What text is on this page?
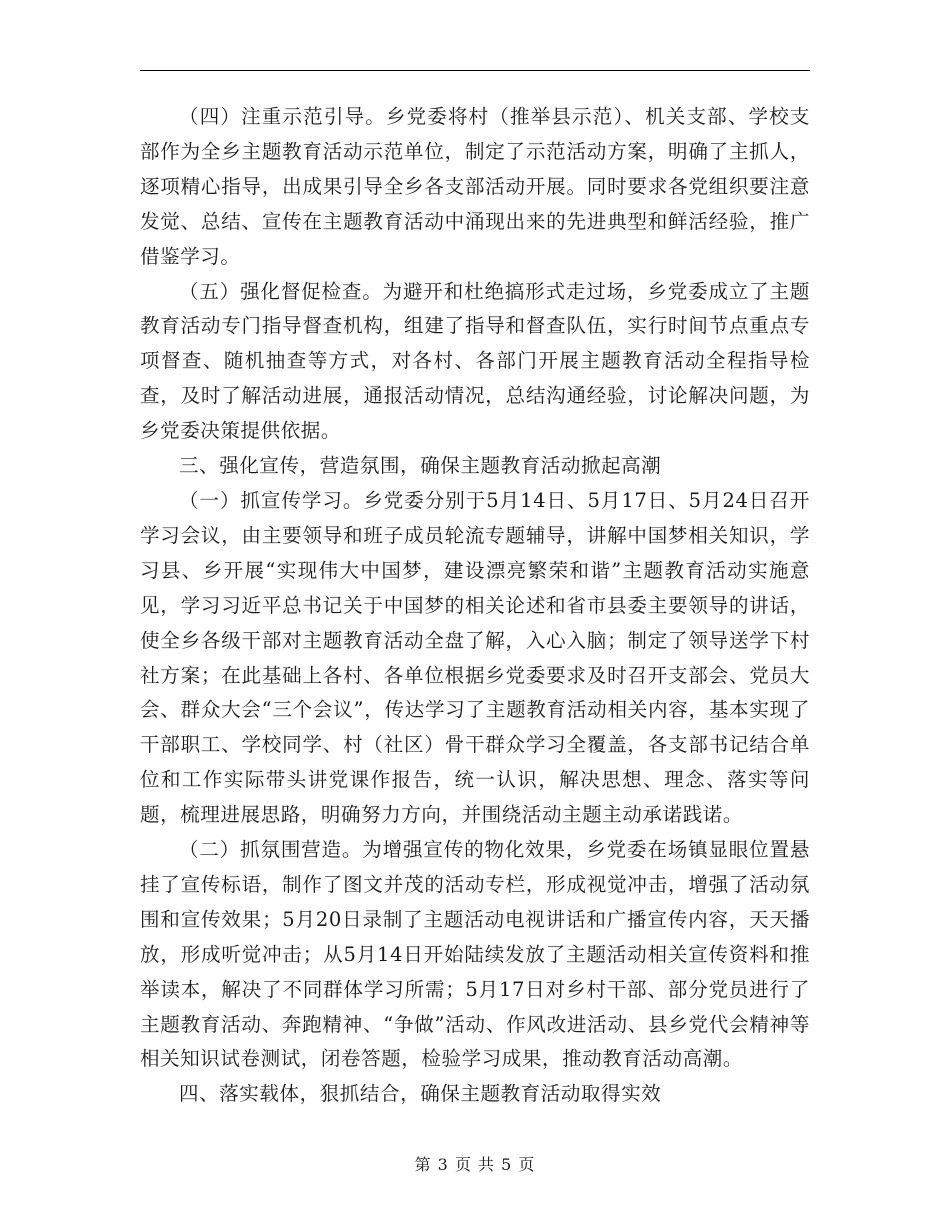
（四）注重示范引导。乡党委将村（推举县示范）、机关支部、学校支部作为全乡主题教育活动示范单位，制定了示范活动方案，明确了主抓人，逐项精心指导，出成果引导全乡各支部活动开展。同时要求各党组织要注意发觉、总结、宣传在主题教育活动中涌现出来的先进典型和鲜活经验，推广借鉴学习。

（五）强化督促检查。为避开和杜绝搞形式走过场，乡党委成立了主题教育活动专门指导督查机构，组建了指导和督查队伍，实行时间节点重点专项督查、随机抽查等方式，对各村、各部门开展主题教育活动全程指导检查，及时了解活动进展，通报活动情况，总结沟通经验，讨论解决问题，为乡党委决策提供依据。

三、强化宣传，营造氛围，确保主题教育活动掀起高潮

（一）抓宣传学习。乡党委分别于5月14日、5月17日、5月24日召开学习会议，由主要领导和班子成员轮流专题辅导，讲解中国梦相关知识，学习县、乡开展“实现伟大中国梦，建设漂亮繁荣和谐”主题教育活动实施意见，学习习近平总书记关于中国梦的相关论述和省市县委主要领导的讲话，使全乡各级干部对主题教育活动全盘了解，入心入脑；制定了领导送学下村社方案；在此基础上各村、各单位根据乡党委要求及时召开支部会、党员大会、群众大会“三个会议”，传达学习了主题教育活动相关内容，基本实现了干部职工、学校同学、村（社区）骨干群众学习全覆盖，各支部书记结合单位和工作实际带头讲党课作报告，统一认识，解决思想、理念、落实等问题，梳理进展思路，明确努力方向，并围绕活动主题主动承诺践诺。

（二）抓氛围营造。为增强宣传的物化效果，乡党委在场镇显眼位置悬挂了宣传标语，制作了图文并茂的活动专栏，形成视觉冲击，增强了活动氛围和宣传效果；5月20日录制了主题活动电视讲话和广播宣传内容，天天播放，形成听觉冲击；从5月14日开始陆续发放了主题活动相关宣传资料和推举读本，解决了不同群体学习所需；5月17日对乡村干部、部分党员进行了主题教育活动、奔跑精神、“争做”活动、作风改进活动、县乡党代会精神等相关知识试卷测试，闭卷答题，检验学习成果，推动教育活动高潮。

四、落实载体，狠抓结合，确保主题教育活动取得实效

第 3 页 共 5 页
